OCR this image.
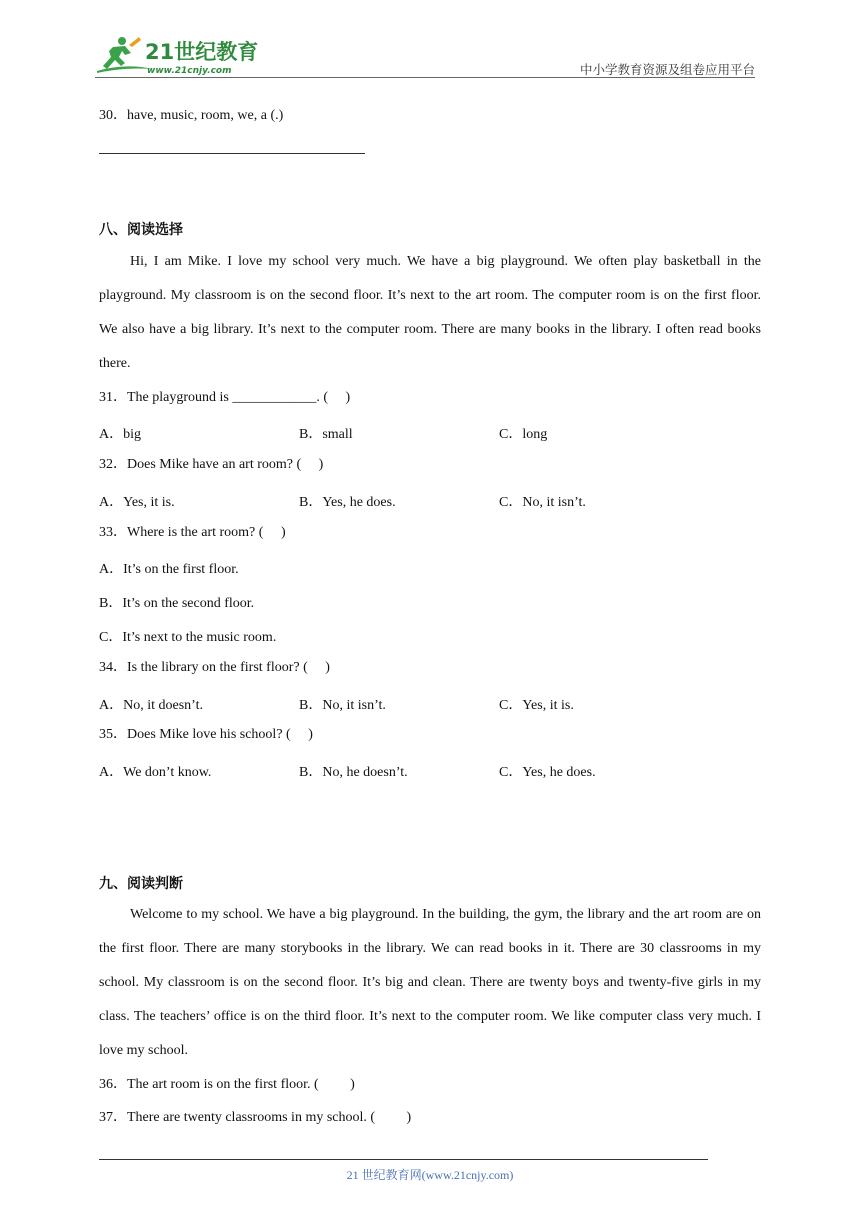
21世纪教育
www.21cnjy.com	中小学教育资源及组卷应用平台
30．have, music, room, we, a (.)
八、阅读选择

Hi, I am Mike. I love my school very much. We have a big playground. We often play basketball in the playground. My classroom is on the second floor. It’s next to the art room. The computer room is on the first floor. We also have a big library. It’s next to the computer room. There are many books in the library. I often read books there.

31．The playground is ____________. (　 )
A．big	B．small	C．long
32．Does Mike have an art room? (　 )
A．Yes, it is.	B．Yes, he does.	C．No, it isn’t.
33．Where is the art room? (　 )
A．It’s on the first floor.
B．It’s on the second floor.
C．It’s next to the music room.
34．Is the library on the first floor? (　 )
A．No, it doesn’t.	B．No, it isn’t.	C．Yes, it is.
35．Does Mike love his school? (　 )
A．We don’t know.	B．No, he doesn’t.	C．Yes, he does.
九、阅读判断

Welcome to my school. We have a big playground. In the building, the gym, the library and the art room are on the first floor. There are many storybooks in the library. We can read books in it. There are 30 classrooms in my school. My classroom is on the second floor. It’s big and clean. There are twenty boys and twenty-five girls in my class. The teachers’ office is on the third floor. It’s next to the computer room. We like computer class very much. I love my school.

36．The art room is on the first floor. (　 　)
37．There are twenty classrooms in my school. (　 　)
21 世纪教育网(www.21cnjy.com)
